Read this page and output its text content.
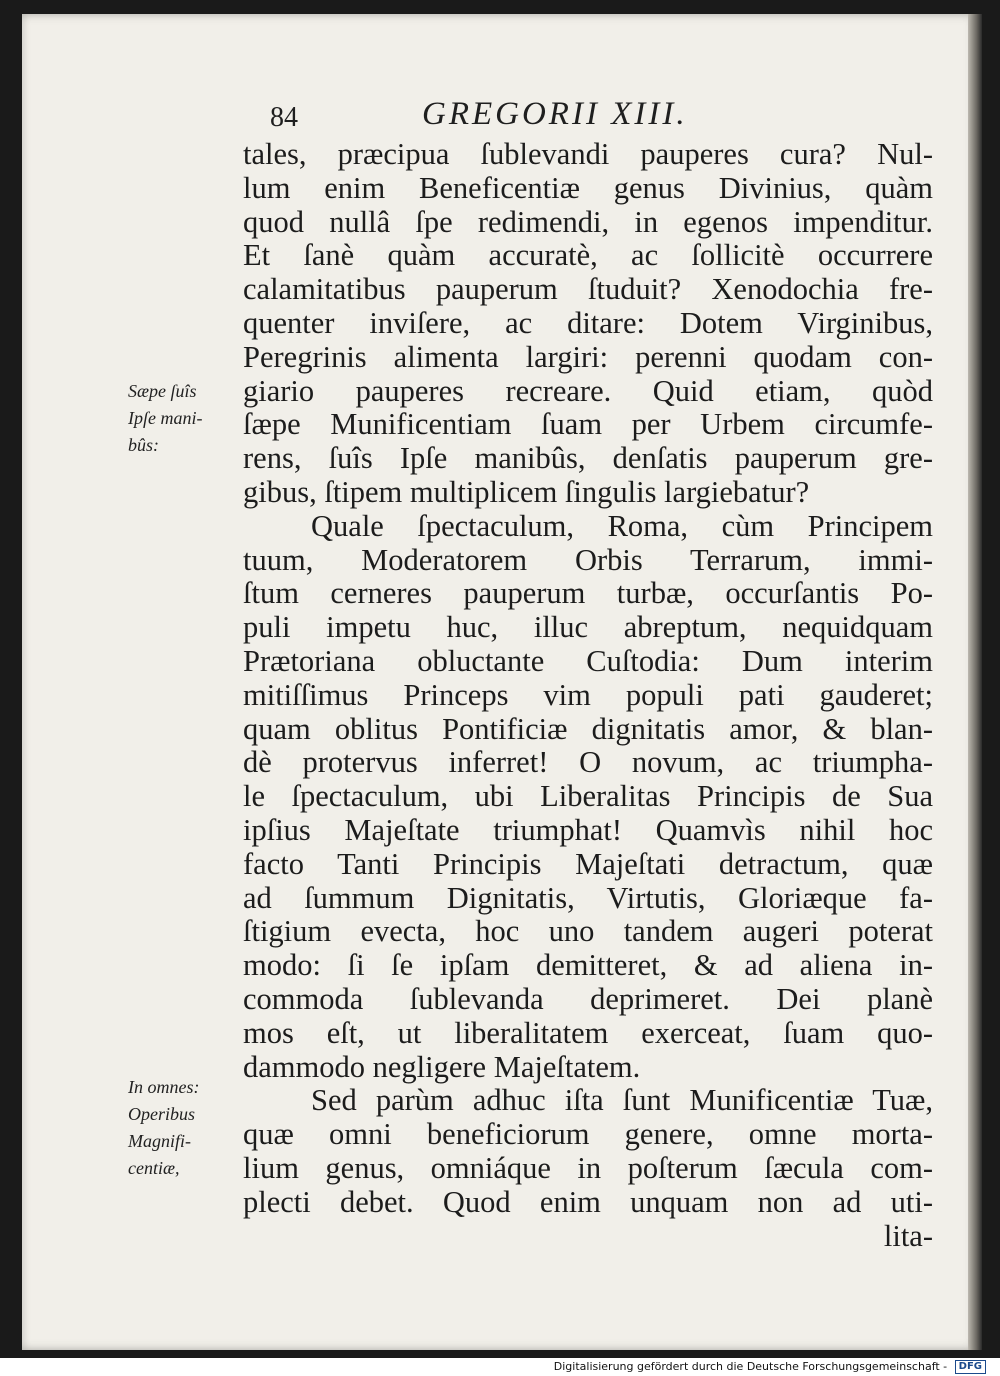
84	GREGORII XIII.
Sæpe ſuîs
Ipſe mani-
bûs:
In omnes:
Operibus
Magnifi-
centiæ,
tales, præcipua ſublevandi pauperes cura? Nul-
lum enim Beneficentiæ genus Divinius, quàm
quod nullâ ſpe redimendi, in egenos impenditur.
Et ſanè quàm accuratè, ac ſollicitè occurrere
calamitatibus pauperum ſtuduit? Xenodochia fre-
quenter inviſere, ac ditare: Dotem Virginibus,
Peregrinis alimenta largiri: perenni quodam con-
giario pauperes recreare. Quid etiam, quòd
ſæpe Munificentiam ſuam per Urbem circumfe-
rens, ſuîs Ipſe manibûs, denſatis pauperum gre-
gibus, ſtipem multiplicem ſingulis largiebatur?
Quale ſpectaculum, Roma, cùm Principem
tuum, Moderatorem Orbis Terrarum, immi-
ſtum cerneres pauperum turbæ, occurſantis Po-
puli impetu huc, illuc abreptum, nequidquam
Prætoriana obluctante Cuſtodia: Dum interim
mitiſſimus Princeps vim populi pati gauderet;
quam oblitus Pontificiæ dignitatis amor, & blan-
dè protervus inferret! O novum, ac triumpha-
le ſpectaculum, ubi Liberalitas Principis de Sua
ipſius Majeſtate triumphat! Quamvìs nihil hoc
facto Tanti Principis Majeſtati detractum, quæ
ad ſummum Dignitatis, Virtutis, Gloriæque fa-
ſtigium evecta, hoc uno tandem augeri poterat
modo: ſi ſe ipſam demitteret, & ad aliena in-
commoda ſublevanda deprimeret. Dei planè
mos eſt, ut liberalitatem exerceat, ſuam quo-
dammodo negligere Majeſtatem.
Sed parùm adhuc iſta ſunt Munificentiæ Tuæ,
quæ omni beneficiorum genere, omne morta-
lium genus, omniáque in poſterum ſæcula com-
plecti debet. Quod enim unquam non ad uti-
lita-
Digitalisierung gefördert durch die Deutsche Forschungsgemeinschaft - DFG
